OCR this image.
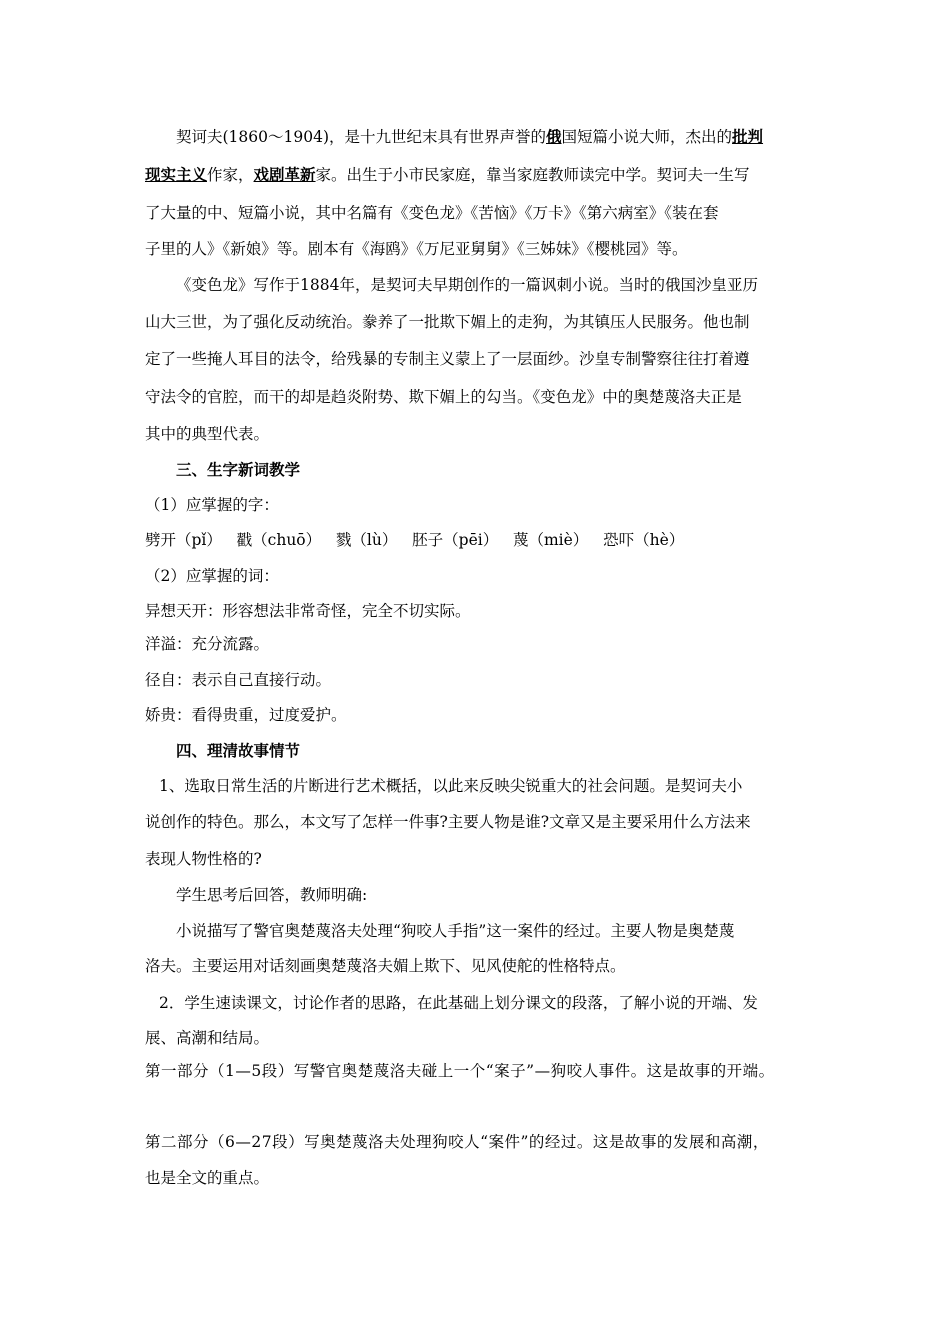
契诃夫(1860～1904)，是十九世纪末具有世界声誉的俄国短篇小说大师，杰出的批判
现实主义作家，戏剧革新家。出生于小市民家庭，靠当家庭教师读完中学。契诃夫一生写
了大量的中、短篇小说，其中名篇有《变色龙》《苦恼》《万卡》《第六病室》《装在套
子里的人》《新娘》等。剧本有《海鸥》《万尼亚舅舅》《三姊妹》《樱桃园》等。
《变色龙》写作于1884年，是契诃夫早期创作的一篇讽刺小说。当时的俄国沙皇亚历
山大三世，为了强化反动统治。豢养了一批欺下媚上的走狗，为其镇压人民服务。他也制
定了一些掩人耳目的法令，给残暴的专制主义蒙上了一层面纱。沙皇专制警察往往打着遵
守法令的官腔，而干的却是趋炎附势、欺下媚上的勾当。《变色龙》中的奥楚蔑洛夫正是
其中的典型代表。
三、生字新词教学
（1）应掌握的字：
劈开（pǐ）   戳（chuō）   戮（lù）   胚子（pēi）   蔑（miè）   恐吓（hè）
（2）应掌握的词：
异想天开：形容想法非常奇怪，完全不切实际。
洋溢：充分流露。
径自：表示自己直接行动。
娇贵：看得贵重，过度爱护。
四、理清故事情节
1、选取日常生活的片断进行艺术概括，以此来反映尖锐重大的社会问题。是契诃夫小
说创作的特色。那么，本文写了怎样一件事?主要人物是谁?文章又是主要采用什么方法来
表现人物性格的?
学生思考后回答，教师明确:
小说描写了警官奥楚蔑洛夫处理“狗咬人手指”这一案件的经过。主要人物是奥楚蔑
洛夫。主要运用对话刻画奥楚蔑洛夫媚上欺下、见风使舵的性格特点。
2．学生速读课文，讨论作者的思路，在此基础上划分课文的段落，了解小说的开端、发
展、高潮和结局。
第一部分（1—5段）写警官奥楚蔑洛夫碰上一个“案子”—狗咬人事件。这是故事的开端。
第二部分（6—27段）写奥楚蔑洛夫处理狗咬人“案件”的经过。这是故事的发展和高潮，
也是全文的重点。
